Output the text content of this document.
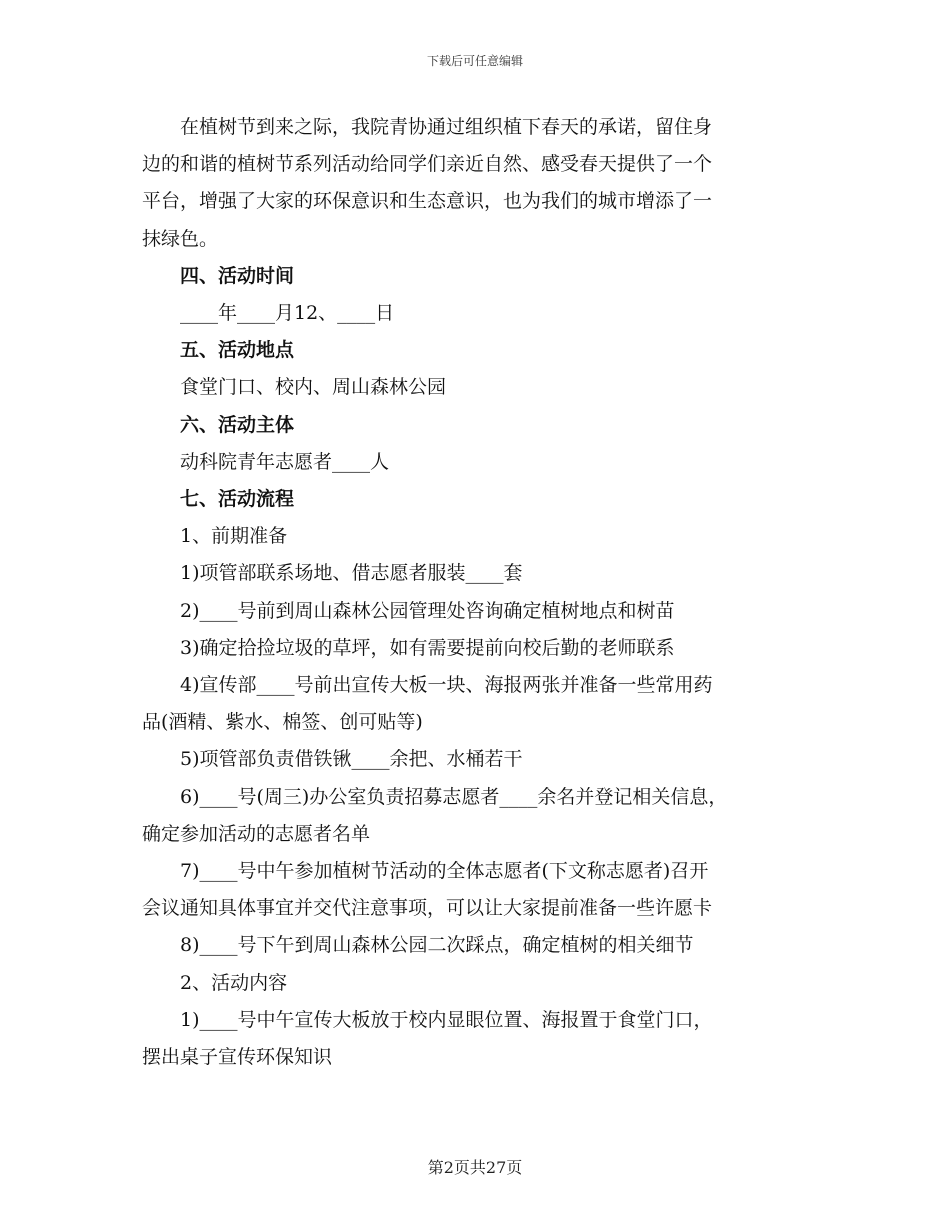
下载后可任意编辑

在植树节到来之际，我院青协通过组织植下春天的承诺，留住身
边的和谐的植树节系列活动给同学们亲近自然、感受春天提供了一个
平台，增强了大家的环保意识和生态意识，也为我们的城市增添了一
抹绿色。

四、活动时间

____年____月12、____日

五、活动地点

食堂门口、校内、周山森林公园

六、活动主体

动科院青年志愿者____人

七、活动流程

1、前期准备

1)项管部联系场地、借志愿者服装____套

2)____号前到周山森林公园管理处咨询确定植树地点和树苗

3)确定拾捡垃圾的草坪，如有需要提前向校后勤的老师联系

4)宣传部____号前出宣传大板一块、海报两张并准备一些常用药
品(酒精、紫水、棉签、创可贴等)

5)项管部负责借铁锹____余把、水桶若干

6)____号(周三)办公室负责招募志愿者____余名并登记相关信息，
确定参加活动的志愿者名单

7)____号中午参加植树节活动的全体志愿者(下文称志愿者)召开
会议通知具体事宜并交代注意事项，可以让大家提前准备一些许愿卡

8)____号下午到周山森林公园二次踩点，确定植树的相关细节

2、活动内容

1)____号中午宣传大板放于校内显眼位置、海报置于食堂门口，
摆出桌子宣传环保知识

第2页共27页
